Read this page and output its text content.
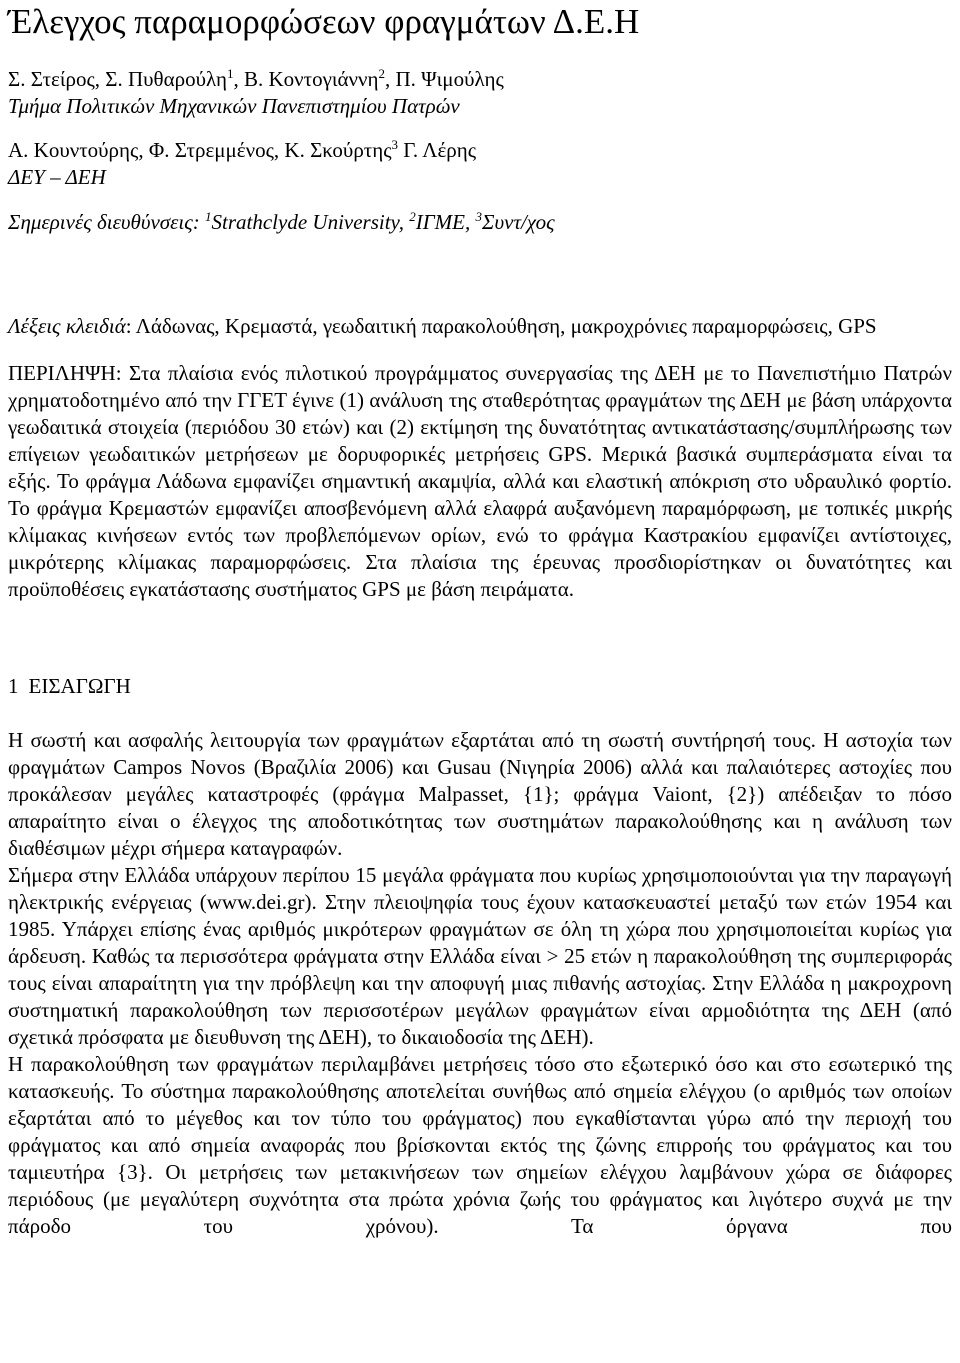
Έλεγχος παραμορφώσεων φραγμάτων Δ.Ε.Η
Σ. Στείρος, Σ. Πυθαρούλη$^1$, Β. Κοντογιάννη$^2$, Π. Ψιμούλης
Τμήμα Πολιτικών Μηχανικών Πανεπιστημίου Πατρών
Α. Κουντούρης, Φ. Στρεμμένος, Κ. Σκούρτης$^3$ Γ. Λέρης
ΔΕΥ – ΔΕΗ
Σημερινές διευθύνσεις: $^1$Strathclyde University, $^2$ΙΓΜΕ, $^3$Συντ/χος
Λέξεις κλειδιά: Λάδωνας, Κρεμαστά, γεωδαιτική παρακολούθηση, μακροχρόνιες παραμορφώσεις, GPS
ΠΕΡΙΛΗΨΗ: Στα πλαίσια ενός πιλοτικού προγράμματος συνεργασίας της ΔΕΗ με το Πανεπιστήμιο Πατρών χρηματοδοτημένο από την ΓΓΕΤ έγινε (1) ανάλυση της σταθερότητας φραγμάτων της ΔΕΗ με βάση υπάρχοντα γεωδαιτικά στοιχεία (περιόδου 30 ετών) και (2) εκτίμηση της δυνατότητας αντικατάστασης/συμπλήρωσης των επίγειων γεωδαιτικών μετρήσεων με δορυφορικές μετρήσεις GPS. Μερικά βασικά συμπεράσματα είναι τα εξής. Το φράγμα Λάδωνα εμφανίζει σημαντική ακαμψία, αλλά και ελαστική απόκριση στο υδραυλικό φορτίο. Το φράγμα Κρεμαστών εμφανίζει αποσβενόμενη αλλά ελαφρά αυξανόμενη παραμόρφωση, με τοπικές μικρής κλίμακας κινήσεων εντός των προβλεπόμενων ορίων, ενώ το φράγμα Καστρακίου εμφανίζει αντίστοιχες, μικρότερης κλίμακας παραμορφώσεις. Στα πλαίσια της έρευνας προσδιορίστηκαν οι δυνατότητες και προϋποθέσεις εγκατάστασης συστήματος GPS με βάση πειράματα.
1 ΕΙΣΑΓΩΓΗ
Η σωστή και ασφαλής λειτουργία των φραγμάτων εξαρτάται από τη σωστή συντήρησή τους. Η αστοχία των φραγμάτων Campos Novos (Βραζιλία 2006) και Gusau (Νιγηρία 2006) αλλά και παλαιότερες αστοχίες που προκάλεσαν μεγάλες καταστροφές (φράγμα Malpasset, {1}; φράγμα Vaiont, {2}) απέδειξαν το πόσο απαραίτητο είναι ο έλεγχος της αποδοτικότητας των συστημάτων παρακολούθησης και η ανάλυση των διαθέσιμων μέχρι σήμερα καταγραφών.
Σήμερα στην Ελλάδα υπάρχουν περίπου 15 μεγάλα φράγματα που κυρίως χρησιμοποιούνται για την παραγωγή ηλεκτρικής ενέργειας (www.dei.gr). Στην πλειοψηφία τους έχουν κατασκευαστεί μεταξύ των ετών 1954 και 1985. Υπάρχει επίσης ένας αριθμός μικρότερων φραγμάτων σε όλη τη χώρα που χρησιμοποιείται κυρίως για άρδευση. Καθώς τα περισσότερα φράγματα στην Ελλάδα είναι > 25 ετών η παρακολούθηση της συμπεριφοράς τους είναι απαραίτητη για την πρόβλεψη και την αποφυγή μιας πιθανής αστοχίας. Στην Ελλάδα η μακροχρονη συστηματική παρακολούθηση των περισσοτέρων μεγάλων φραγμάτων είναι αρμοδιότητα της ΔΕΗ (από σχετικά πρόσφατα με διευθυνση της ΔΕΗ), το δικαιοδοσία της ΔΕΗ).
Η παρακολούθηση των φραγμάτων περιλαμβάνει μετρήσεις τόσο στο εξωτερικό όσο και στο εσωτερικό της κατασκευής. Το σύστημα παρακολούθησης αποτελείται συνήθως από σημεία ελέγχου (ο αριθμός των οποίων εξαρτάται από το μέγεθος και τον τύπο του φράγματος) που εγκαθίστανται γύρω από την περιοχή του φράγματος και από σημεία αναφοράς που βρίσκονται εκτός της ζώνης επιρροής του φράγματος και του ταμιευτήρα {3}. Οι μετρήσεις των μετακινήσεων των σημείων ελέγχου λαμβάνουν χώρα σε διάφορες περιόδους (με μεγαλύτερη συχνότητα στα πρώτα χρόνια ζωής του φράγματος και λιγότερο συχνά με την πάροδο του χρόνου). Τα όργανα που
